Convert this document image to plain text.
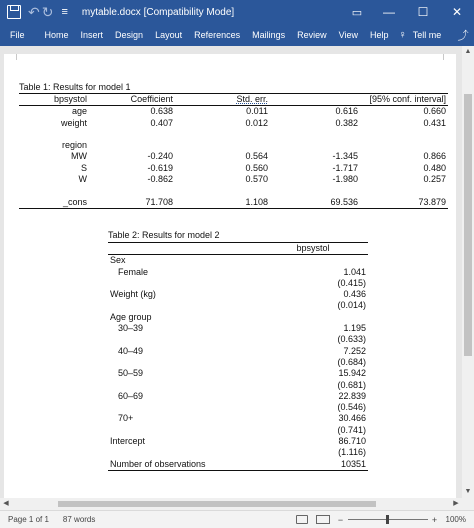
↶ ↻ ≡ mytable.docx [Compatibility Mode]	▭	—	☐	✕
File	Home	Insert	Design	Layout	References	Mailings	Review	View	Help ♀ Tell me	⤴
Table 1: Results for model 1
bpsystol	Coefficient	Std. err.	[95% conf. interval]	
age	0.638	0.011	0.616	0.660
weight	0.407	0.012	0.382	0.431

region				
MW	-0.240	0.564	-1.345	0.866
S	-0.619	0.560	-1.717	0.480
W	-0.862	0.570	-1.980	0.257

_cons	71.708	1.108	69.536	73.879
Table 2: Results for model 2
	bpsystol
Sex	
Female	1.041
	(0.415)
Weight (kg)	0.436
	(0.014)
Age group	
30–39	1.195
	(0.633)
40–49	7.252
	(0.684)
50–59	15.942
	(0.681)
60–69	22.839
	(0.546)
70+	30.466
	(0.741)
Intercept	86.710
	(1.116)
Number of observations	10351
▲
▼
◀	▶
Page 1 of 1 87 words	−	+ 100%
